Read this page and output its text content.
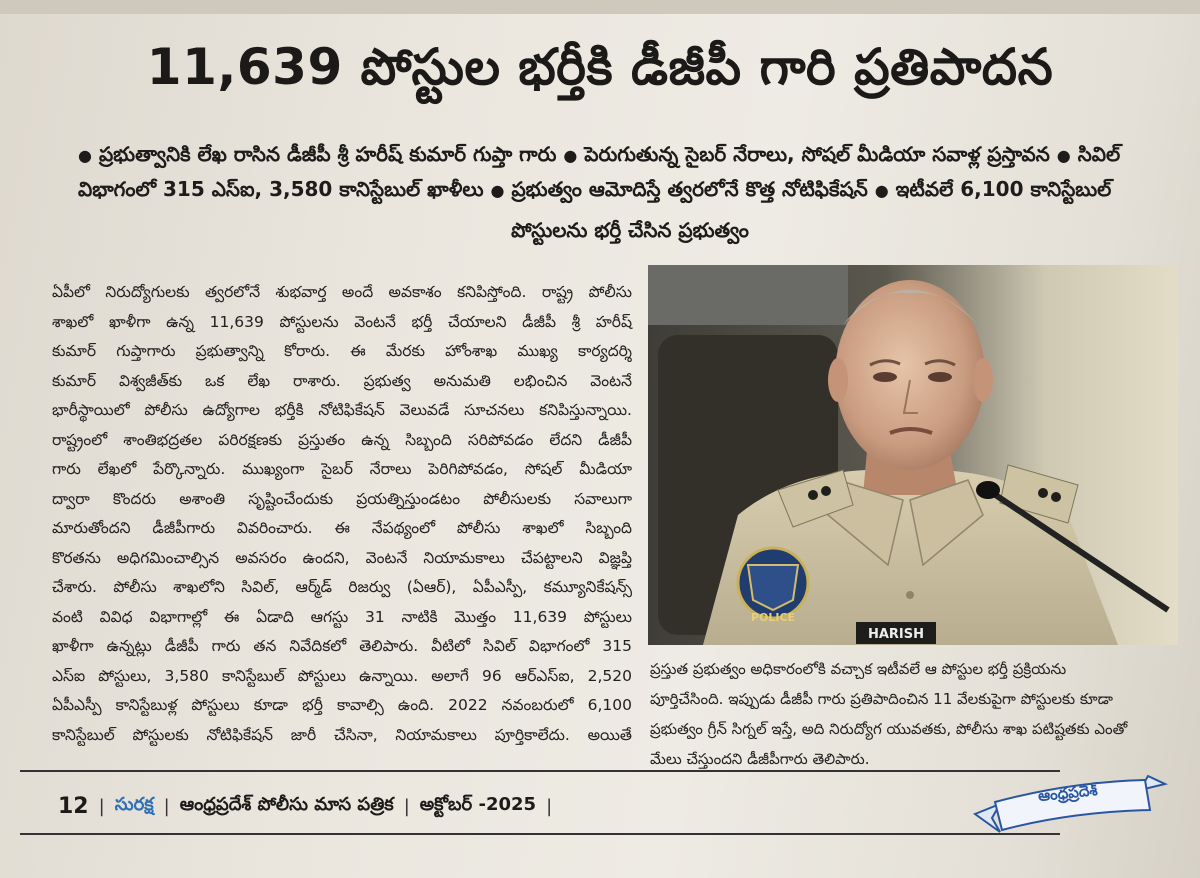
11,639 పోస్టుల భర్తీకి డీజీపీ గారి ప్రతిపాదన
● ప్రభుత్వానికి లేఖ రాసిన డీజీపీ శ్రీ హరీష్ కుమార్ గుప్తా గారు ● పెరుగుతున్న సైబర్ నేరాలు, సోషల్ మీడియా సవాళ్ల ప్రస్తావన ● సివిల్
విభాగంలో 315 ఎస్ఐ, 3,580 కానిస్టేబుల్ ఖాళీలు ● ప్రభుత్వం ఆమోదిస్తే త్వరలోనే కొత్త నోటిఫికేషన్ ● ఇటీవలే 6,100 కానిస్టేబుల్
పోస్టులను భర్తీ చేసిన ప్రభుత్వం
ఏపీలో నిరుద్యోగులకు త్వరలోనే శుభవార్త అందే అవకాశం కనిపిస్తోంది. రాష్ట్ర పోలీసు
శాఖలో ఖాళీగా ఉన్న 11,639 పోస్టులను వెంటనే భర్తీ చేయాలని డీజీపీ శ్రీ హరీష్
కుమార్ గుప్తాగారు ప్రభుత్వాన్ని కోరారు. ఈ మేరకు హోంశాఖ ముఖ్య కార్యదర్శి
కుమార్ విశ్వజీత్‌కు ఒక లేఖ రాశారు. ప్రభుత్వ అనుమతి లభించిన వెంటనే
భారీస్థాయిలో పోలీసు ఉద్యోగాల భర్తీకి నోటిఫికేషన్ వెలువడే సూచనలు కనిపిస్తున్నాయి.
రాష్ట్రంలో శాంతిభద్రతల పరిరక్షణకు ప్రస్తుతం ఉన్న సిబ్బంది సరిపోవడం లేదని డీజీపీ
గారు లేఖలో పేర్కొన్నారు. ముఖ్యంగా సైబర్ నేరాలు పెరిగిపోవడం, సోషల్ మీడియా
ద్వారా కొందరు అశాంతి సృష్టించేందుకు ప్రయత్నిస్తుండటం పోలీసులకు సవాలుగా
మారుతోందని డీజీపీగారు వివరించారు. ఈ నేపథ్యంలో పోలీసు శాఖలో సిబ్బంది
కొరతను అధిగమించాల్సిన అవసరం ఉందని, వెంటనే నియామకాలు చేపట్టాలని విజ్ఞప్తి
చేశారు. పోలీసు శాఖలోని సివిల్, ఆర్మ్‌డ్ రిజర్వు (ఏఆర్), ఏపీఎస్పీ, కమ్యూనికేషన్స్
వంటి వివిధ విభాగాల్లో ఈ ఏడాది ఆగస్టు 31 నాటికి మొత్తం 11,639 పోస్టులు
ఖాళీగా ఉన్నట్లు డీజీపీ గారు తన నివేదికలో తెలిపారు. వీటిలో సివిల్ విభాగంలో 315
ఎస్ఐ పోస్టులు, 3,580 కానిస్టేబుల్ పోస్టులు ఉన్నాయి. అలాగే 96 ఆర్ఎస్ఐ, 2,520
ఏపీఎస్పీ కానిస్టేబుళ్ల పోస్టులు కూడా భర్తీ కావాల్సి ఉంది. 2022 నవంబరులో 6,100
కానిస్టేబుల్ పోస్టులకు నోటిఫికేషన్ జారీ చేసినా, నియామకాలు పూర్తికాలేదు. అయితే
POLICE
HARISH
ప్రస్తుత ప్రభుత్వం అధికారంలోకి వచ్చాక ఇటీవలే ఆ పోస్టుల భర్తీ ప్రక్రియను
పూర్తిచేసింది. ఇప్పుడు డీజీపీ గారు ప్రతిపాదించిన 11 వేలకుపైగా పోస్టులకు కూడా
ప్రభుత్వం గ్రీన్ సిగ్నల్ ఇస్తే, అది నిరుద్యోగ యువతకు, పోలీసు శాఖ పటిష్టతకు ఎంతో
మేలు చేస్తుందని డీజీపీగారు తెలిపారు.
12 | సురక్ష | ఆంధ్రప్రదేశ్ పోలీసు మాస పత్రిక | అక్టోబర్ -2025 |
ఆంధ్రప్రదేశ్
